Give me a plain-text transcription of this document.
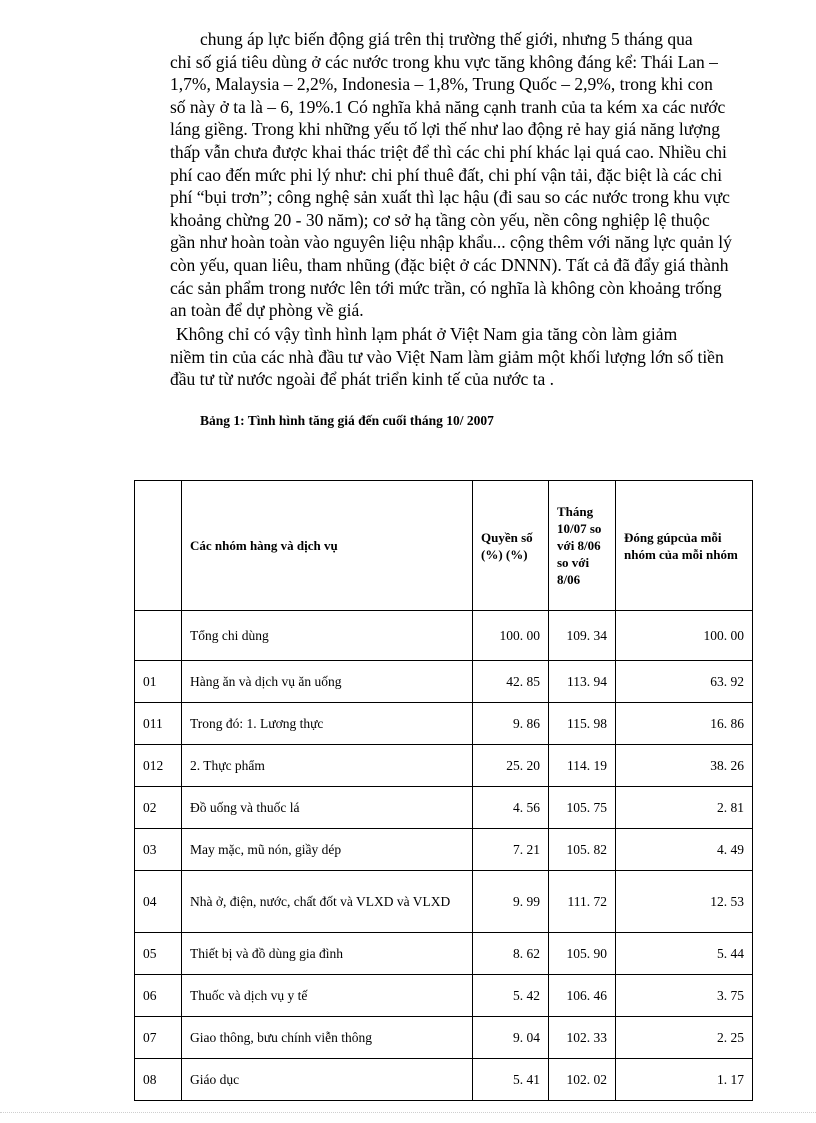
chung áp lực biến động giá trên thị trường thế giới, nhưng 5 tháng qua
chỉ số giá tiêu dùng ở các nước trong khu vực tăng không đáng kể: Thái Lan –
1,7%, Malaysia – 2,2%, Indonesia – 1,8%, Trung Quốc – 2,9%, trong khi con
số này ở ta là – 6, 19%.1 Có nghĩa khả năng cạnh tranh của ta kém xa các nước
láng giềng. Trong khi những yếu tố lợi thế như lao động rẻ hay giá năng lượng
thấp vẫn chưa được khai thác triệt để thì các chi phí khác lại quá cao. Nhiều chi
phí cao đến mức phi lý như: chi phí thuê đất, chi phí vận tải, đặc biệt là các chi
phí “bụi trơn”; công nghệ sản xuất thì lạc hậu (đi sau so các nước trong khu vực
khoảng chừng 20 - 30 năm); cơ sở hạ tầng còn yếu, nền công nghiệp lệ thuộc
gần như hoàn toàn vào nguyên liệu nhập khẩu... cộng thêm với năng lực quản lý
còn yếu, quan liêu, tham nhũng (đặc biệt ở các DNNN). Tất cả đã đẩy giá thành
các sản phẩm trong nước lên tới mức trần, có nghĩa là không còn khoảng trống
an toàn để dự phòng về giá.

Không chỉ có vậy tình hình lạm phát ở Việt Nam gia tăng còn làm giảm
niềm tin của các nhà đầu tư vào Việt Nam làm giảm một khối lượng lớn số tiền
đầu tư từ nước ngoài để phát triển kinh tế của nước ta .

Bảng 1: Tình hình tăng giá đến cuối tháng 10/ 2007

	Các nhóm hàng và dịch vụ	Quyền số (%) (%)	Tháng 10/07 so với 8/06 so với 8/06	Đóng gúpcủa mỗi nhóm của mỗi nhóm
	Tổng chi dùng	100. 00	109. 34	100. 00
01	Hàng ăn và dịch vụ ăn uống	42. 85	113. 94	63. 92
011	Trong đó: 1. Lương thực	9. 86	115. 98	16. 86
012	2. Thực phẩm	25. 20	114. 19	38. 26
02	Đồ uống và thuốc lá	4. 56	105. 75	2. 81
03	May mặc, mũ nón, giầy dép	7. 21	105. 82	4. 49
04	Nhà ở, điện, nước, chất đốt và VLXD và VLXD	9. 99	111. 72	12. 53
05	Thiết bị và đồ dùng gia đình	8. 62	105. 90	5. 44
06	Thuốc và dịch vụ y tế	5. 42	106. 46	3. 75
07	Giao thông, bưu chính viễn thông	9. 04	102. 33	2. 25
08	Giáo dục	5. 41	102. 02	1. 17
